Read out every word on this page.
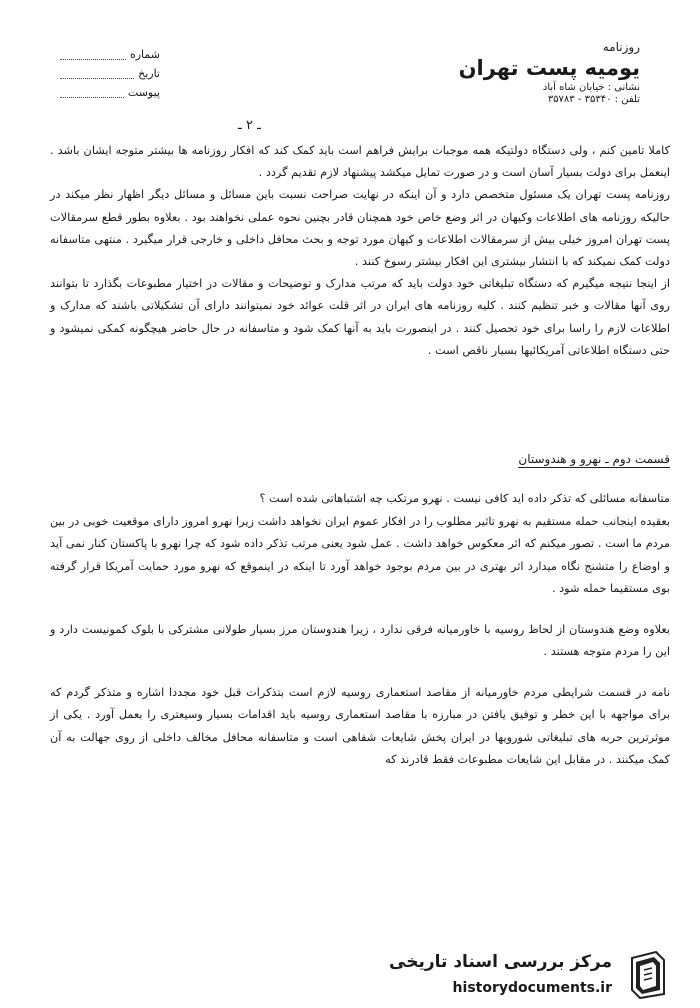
روزنامه
یومیه پست تهران
نشانی : خیابان شاه آباد
تلفن : ۳۵۳۴۰ - ۳۵۷۸۳
شماره
تاریخ
پیوست
ـ ۲ ـ

کاملا تامین کنم ، ولی دستگاه دولتیکه همه موجبات برایش فراهم است باید کمک کند که افکار روزنامه ها بیشتر متوجه ایشان باشد . اینعمل برای دولت بسیار آسان است و در صورت تمایل میکشد پیشنهاد لازم تقدیم گردد .

روزنامه پست تهران یک مسئول متخصص دارد و آن اینکه در نهایت صراحت نسبت باین مسائل و مسائل دیگر اظهار نظر میکند در حالیکه روزنامه های اطلاعات وکیهان در اثر وضع خاص خود همچنان قادر بچنین نحوه عملی نخواهند بود . بعلاوه بطور قطع سرمقالات پست تهران امروز خیلی بیش از سرمقالات اطلاعات و کیهان مورد توجه و بحث محافل داخلی و خارجی قرار میگیرد . منتهی متاسفانه دولت کمک نمیکند که با انتشار بیشتری این افکار بیشتر رسوخ کنند .

از اینجا نتیجه میگیرم که دستگاه تبلیغاتی خود دولت باید که مرتب مدارک و توضیحات و مقالات در اختیار مطبوعات بگذارد تا بتوانند روی آنها مقالات و خبر تنظیم کنند . کلیه روزنامه های ایران در اثر قلت عوائد خود نمیتوانند دارای آن تشکیلاتی باشند که مدارک و اطلاعات لازم را راسا برای خود تحصیل کنند . در اینصورت باید به آنها کمک شود و متاسفانه در حال حاضر هیچگونه کمکی نمیشود و حتی دستگاه اطلاعاتی آمریکائیها بسیار ناقص است .

قسمت دوم ـ نهرو و هندوستان

متاسفانه مسائلی که تذکر داده اید کافی نیست . نهرو مرتکب چه اشتباهاتی شده است ؟

بعقیده اینجانب حمله مستقیم به نهرو تاثیر مطلوب را در افکار عموم ایران نخواهد داشت زیرا نهرو امروز دارای موقعیت خوبی در بین مردم ما است . تصور میکنم که اثر معکوس خواهد داشت . عمل شود یعنی مرتب تذکر داده شود که چرا نهرو با پاکستان کنار نمی آید و اوضاع را متشنج نگاه میدارد اثر بهتری در بین مردم بوجود خواهد آورد تا اینکه در اینموقع که نهرو مورد حمایت آمریکا قرار گرفته بوی مستقیما حمله شود .

بعلاوه وضع هندوستان از لحاظ روسیه با خاورمیانه فرقی ندارد ، زیرا هندوستان مرز بسیار طولانی مشترکی با بلوک کمونیست دارد و این را مردم متوجه هستند .

نامه در قسمت شرایطی مردم خاورمیانه از مقاصد استعماری روسیه لازم است بتذکرات قبل خود مجددا اشاره و متذکر گردم که برای مواجهه با این خطر و توفیق یافتن در مبارزه با مقاصد استعماری روسیه باید اقدامات بسیار وسیعتری را بعمل آورد . یکی از موثرترین حربه های تبلیغاتی شورویها در ایران پخش شایعات شفاهی است و متاسفانه محافل مخالف داخلی از روی جهالت به آن کمک میکنند . در مقابل این شایعات مطبوعات فقط قادرند که

مرکز بررسی اسناد تاریخی
historydocuments.ir
